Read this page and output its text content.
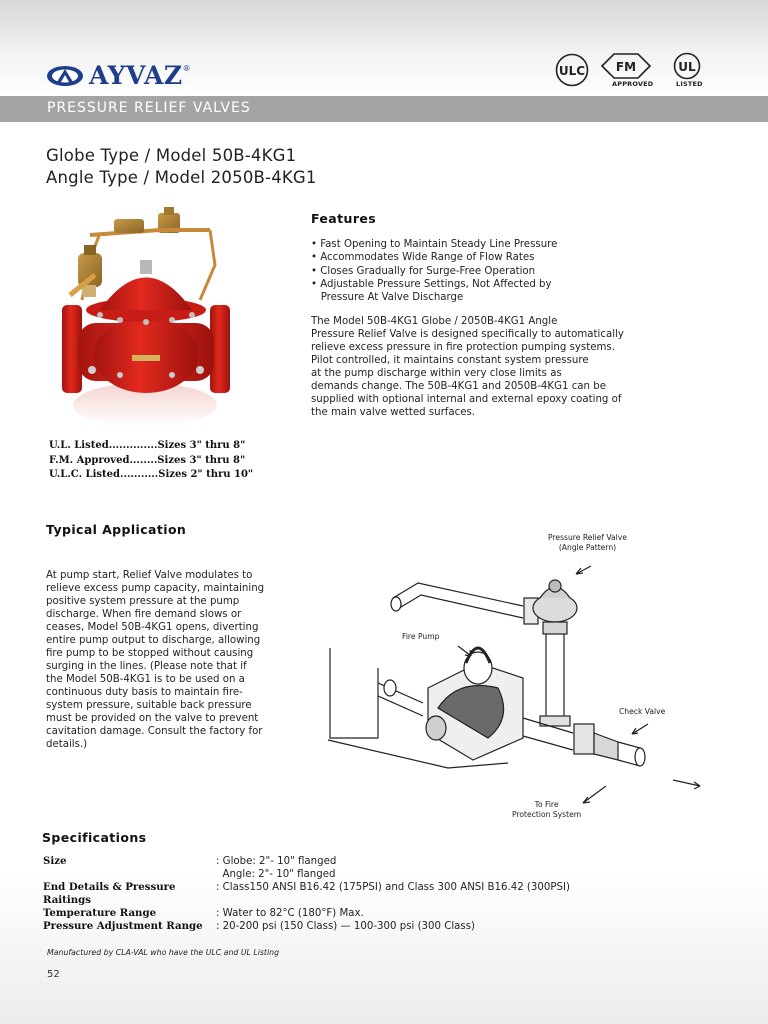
AYVAZ ®	ULC	FM
APPROVED
UL
LISTED
PRESSURE RELIEF VALVES
Globe Type / Model 50B-4KG1
Angle Type / Model 2050B-4KG1
U.L. Listed..............Sizes 3" thru 8"
F.M. Approved........Sizes 3" thru 8"
U.L.C. Listed...........Sizes 2" thru 10"
Features
• Fast Opening to Maintain Steady Line Pressure
• Accommodates Wide Range of Flow Rates
• Closes Gradually for Surge-Free Operation
• Adjustable Pressure Settings, Not Affected by
Pressure At Valve Discharge
The Model 50B-4KG1 Globe / 2050B-4KG1 Angle
Pressure Relief Valve is designed specifically to automatically
relieve excess pressure in fire protection pumping systems.
Pilot controlled, it maintains constant system pressure
at the pump discharge within very close limits as
demands change. The 50B-4KG1 and 2050B-4KG1 can be
supplied with optional internal and external epoxy coating of
the main valve wetted surfaces.
Typical Application
At pump start, Relief Valve modulates to
relieve excess pump capacity, maintaining
positive system pressure at the pump
discharge. When fire demand slows or
ceases, Model 50B-4KG1 opens, diverting
entire pump output to discharge, allowing
fire pump to be stopped without causing
surging in the lines. (Please note that if
the Model 50B-4KG1 is to be used on a
continuous duty basis to maintain fire-
system pressure, suitable back pressure
must be provided on the valve to prevent
cavitation damage. Consult the factory for
details.)
Pressure Relief Valve
(Angle Pattern)
Fire Pump
Check Valve
To Fire
Protection System
Specifications
Size	: Globe: 2"- 10" flanged
Angle: 2"- 10" flanged
End Details & Pressure Raitings
: Class150 ANSI B16.42 (175PSI) and Class 300 ANSI B16.42 (300PSI)
Temperature Range	: Water to 82°C (180°F) Max.
Pressure Adjustment Range	: 20-200 psi (150 Class) — 100-300 psi (300 Class)
Manufactured by CLA-VAL who have the ULC and UL Listing
52
